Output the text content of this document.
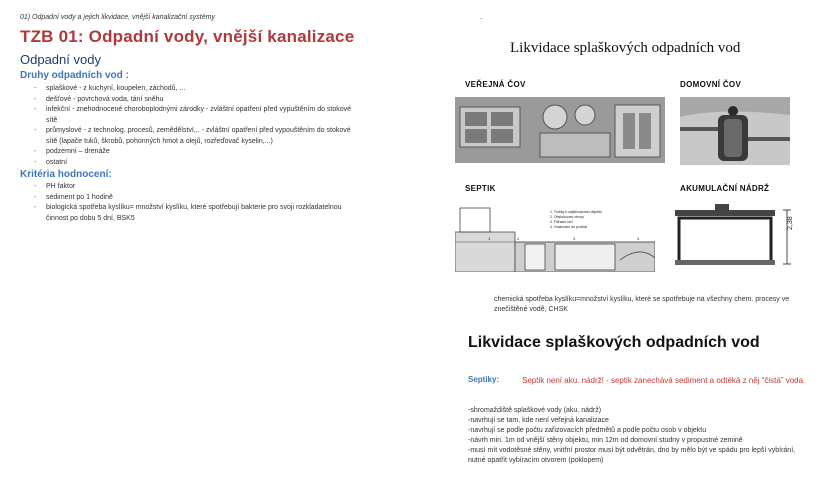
01) Odpadní vody a jejich likvidace, vnější kanalizační systémy
TZB 01: Odpadní vody, vnější kanalizace
Odpadní vody
Druhy odpadních vod :
- splaškové - z kuchyní, koupelen, záchodů, ...
- dešťové - povrchová voda, tání sněhu
- infekční - znehodnocené choroboplodnými zárodky - zvláštní opatření před vypuštěním do stokové sítě
- průmyslové - z technolog. procesů, zemědělství,.. - zvláštní opatření před vypouštěním do stokové sítě (lapače tuků, škrobů, pohonných hmot a olejů, rozřeďovač kyselin,...)
- podzemní – drenáže
- ostatní
Kritéria hodnocení:
- PH faktor
- sediment po 1 hodině
- biologická spotřeba kyslíku= množství kyslíku, které spotřebují bakterie pro svoji rozkladatelnou činnost po dobu 5 dní, BSK5
.
Likvidace splaškových odpadních vod
VEŘEJNÁ ČOV	DOMOVNÍ ČOV
SEPTIK
1. Trubky k zajišťovacímu objektu
2. Obsluhovací otvory
3. Filtrační loží
4. Vsakování do podloží
1	2	3	4
AKUMULAČNÍ NÁDRŽ
2,38
chemická spotřeba kyslíku=množství kyslíku, které se spotřebuje na všechny chem. procesy ve znečištěné vodě, CHSK
Likvidace splaškových odpadních vod
Septiky:	Septik není aku. nádrž! - septik zanechává sediment a odtéká z něj “čistá” voda.
-shromaždiště splaškové vody (aku. nádrž)
-navrhují se tam, kde není veřejná kanalizace
-navrhují se podle počtu zařizovacích předmětů a podle počtu osob v objektu
-návrh min. 1m od vnější stěny objektu, min 12m od domovní studny v propustné zemině
-musí mít vodotěsné stěny, vnitřní prostor musí být odvětrán, dno by mělo být ve spádu pro lepší vybírání, nutné opatřit vybíracím otvorem (poklopem)
